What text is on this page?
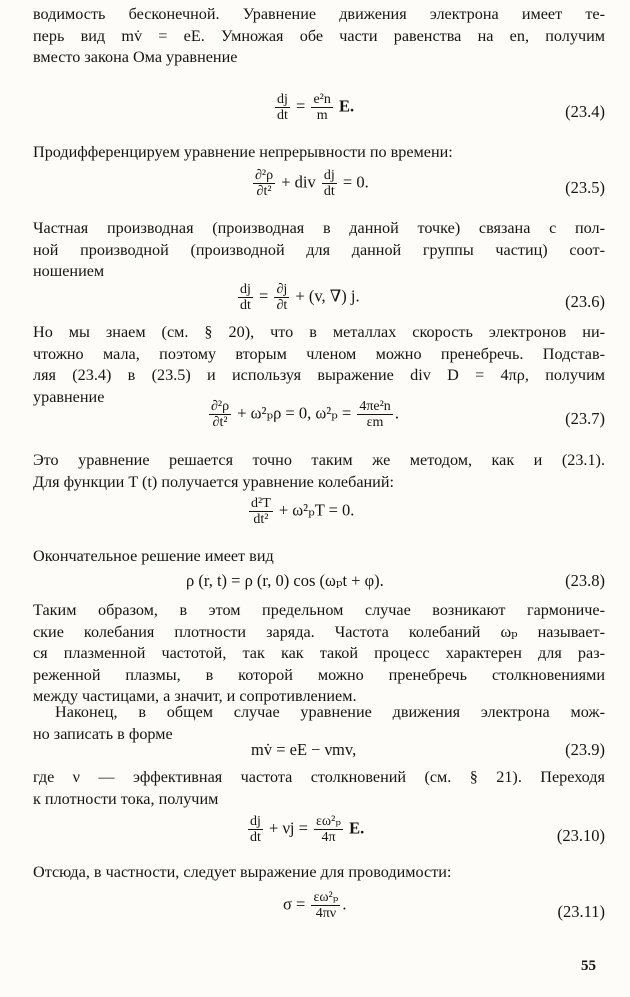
водимость бесконечной. Уравнение движения электрона имеет те-
перь вид mv̇ = eE. Умножая обе части равенства на en, получим
вместо закона Ома уравнение
$\frac{dj}{dt} = \frac{\text{e²n}}{m} E$.	(23.4)
Продифференцируем уравнение непрерывности по времени:
$\frac{\text{∂²ρ}}{\text{∂t²}}$ + div $\frac{dj}{dt} = 0$.	(23.5)
Частная производная (производная в данной точке) связана с пол-
ной производной (производной для данной группы частиц) соот-
ношением
$\frac{dj}{dt} = \frac{\partial j}{\partial t} + (v$, ∇) j.	(23.6)
Но мы знаем (см. § 20), что в металлах скорость электронов ни-
чтожно мала, поэтому вторым членом можно пренебречь. Подстав-
ляя (23.4) в (23.5) и используя выражение div D = 4πρ, получим
уравнение
$\frac{\text{∂²ρ}}{\text{∂t²}} + \omega^2_p\rho = 0$, $\omega^2_p = \frac{\text{4πe²n}}{\varepsilon m}$ .	(23.7)
Это уравнение решается точно таким же методом, как и (23.1).
Для функции T (t) получается уравнение колебаний:
$\frac{\text{d²T}}{\text{dt²}} + \omega^2_pT = 0$.
Окончательное решение имеет вид
ρ (r, t) = ρ (r, 0) cos (ωₚt + φ).	(23.8)
Таким образом, в этом предельном случае возникают гармониче-
ские колебания плотности заряда. Частота колебаний ωₚ называет-
ся плазменной частотой, так как такой процесс характерен для раз-
реженной плазмы, в которой можно пренебречь столкновениями
между частицами, а значит, и сопротивлением.
Наконец, в общем случае уравнение движения электрона мож-
но записать в форме
mv̇ = eE − νmv,	(23.9)
где ν — эффективная частота столкновений (см. § 21). Переходя
к плотности тока, получим
$\frac{dj}{dt} + \nu j = \frac{\text{εω²ₚ}}{4\pi} E$.	(23.10)
Отсюда, в частности, следует выражение для проводимости:
$\sigma = \frac{\text{εω²ₚ}}{4\pi\nu}$ .	(23.11)
55
